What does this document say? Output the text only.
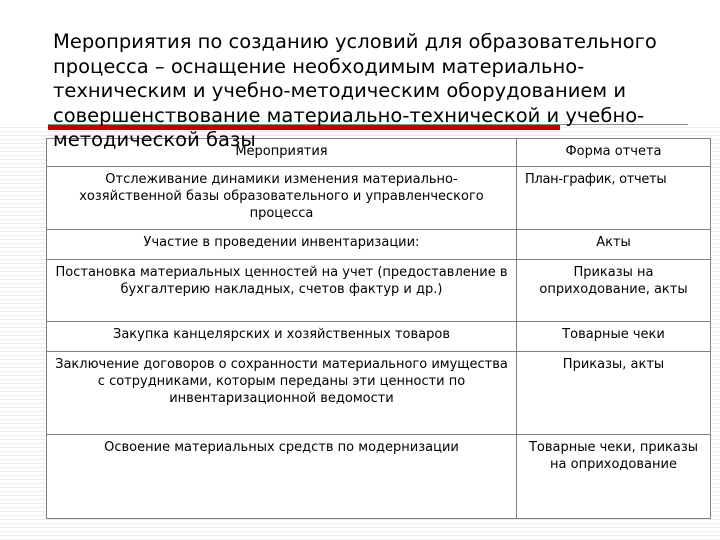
Мероприятия по созданию условий для образовательного процесса – оснащение необходимым материально-техническим и учебно-методическим оборудованием и совершенствование материально-технической и учебно-методической базы
Мероприятия	Форма отчета
Отслеживание динамики изменения материально-хозяйственной базы образовательного и управленческого процесса	План-график, отчеты
Участие в проведении инвентаризации:	Акты
Постановка материальных ценностей на учет (предоставление в бухгалтерию накладных, счетов фактур и др.)	Приказы на оприходование, акты
Закупка канцелярских и хозяйственных товаров	Товарные чеки
Заключение договоров о сохранности материального имущества с сотрудниками, которым переданы эти ценности по инвентаризационной ведомости	Приказы, акты
Освоение материальных средств по модернизации	Товарные чеки, приказы на оприходование
